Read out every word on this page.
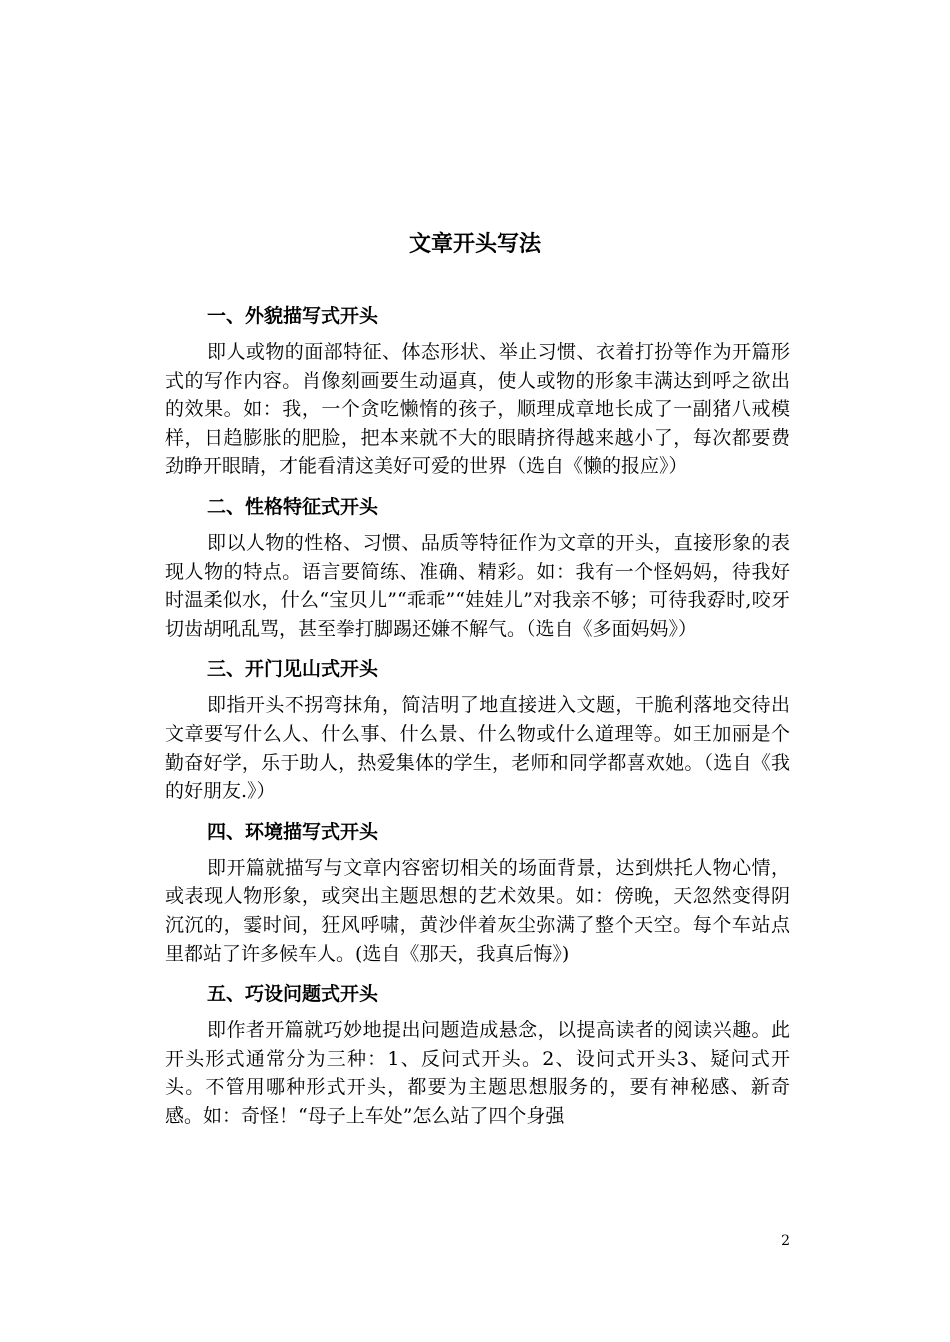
文章开头写法
一、外貌描写式开头

即人或物的面部特征、体态形状、举止习惯、衣着打扮等作为开篇形式的写作内容。肖像刻画要生动逼真，使人或物的形象丰满达到呼之欲出的效果。如：我，一个贪吃懒惰的孩子，顺理成章地长成了一副猪八戒模样，日趋膨胀的肥脸，把本来就不大的眼睛挤得越来越小了，每次都要费劲睁开眼睛，才能看清这美好可爱的世界（选自《懒的报应》）

二、性格特征式开头

即以人物的性格、习惯、品质等特征作为文章的开头，直接形象的表现人物的特点。语言要简练、准确、精彩。如：我有一个怪妈妈，待我好时温柔似水，什么“宝贝儿”“乖乖”“娃娃儿”对我亲不够；可待我孬时,咬牙切齿胡吼乱骂，甚至拳打脚踢还嫌不解气。（选自《多面妈妈》）

三、开门见山式开头

即指开头不拐弯抹角，简洁明了地直接进入文题，干脆利落地交待出文章要写什么人、什么事、什么景、什么物或什么道理等。如王加丽是个勤奋好学，乐于助人，热爱集体的学生，老师和同学都喜欢她。（选自《我的好朋友.》）

四、环境描写式开头

即开篇就描写与文章内容密切相关的场面背景，达到烘托人物心情，或表现人物形象，或突出主题思想的艺术效果。如：傍晚，天忽然变得阴沉沉的，霎时间，狂风呼啸，黄沙伴着灰尘弥满了整个天空。每个车站点里都站了许多候车人。(选自《那天，我真后悔》)

五、巧设问题式开头

即作者开篇就巧妙地提出问题造成悬念，以提高读者的阅读兴趣。此开头形式通常分为三种：1、反问式开头。2、设问式开头3、疑问式开头。不管用哪种形式开头，都要为主题思想服务的，要有神秘感、新奇感。如：奇怪！“母子上车处”怎么站了四个身强

2
